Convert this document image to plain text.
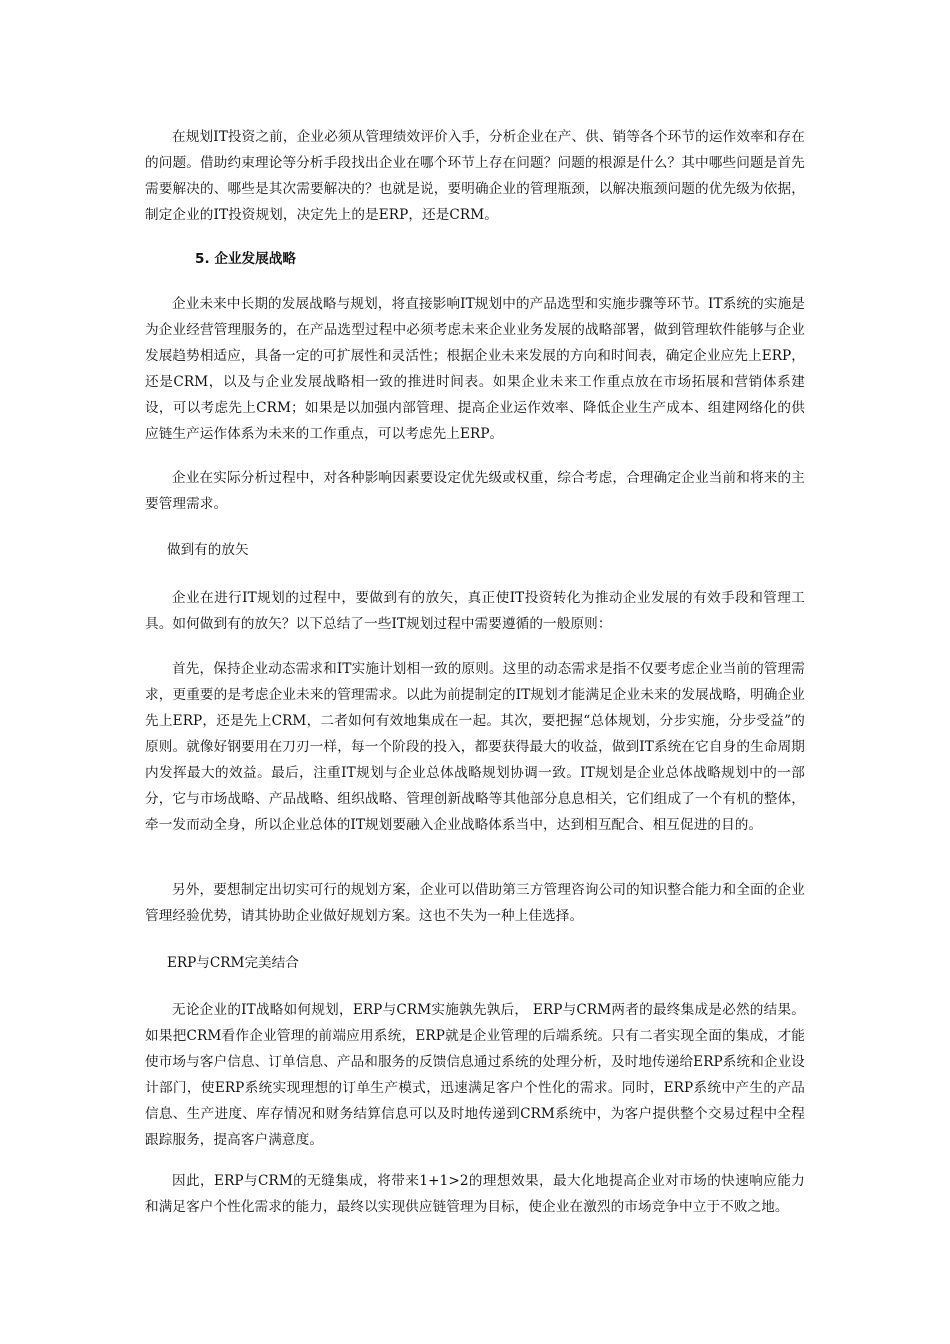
在规划IT投资之前，企业必须从管理绩效评价入手，分析企业在产、供、销等各个环节的运作效率和存在的问题。借助约束理论等分析手段找出企业在哪个环节上存在问题？问题的根源是什么？其中哪些问题是首先需要解决的、哪些是其次需要解决的？也就是说，要明确企业的管理瓶颈，以解决瓶颈问题的优先级为依据，制定企业的IT投资规划，决定先上的是ERP，还是CRM。

5. 企业发展战略

企业未来中长期的发展战略与规划，将直接影响IT规划中的产品选型和实施步骤等环节。IT系统的实施是为企业经营管理服务的，在产品选型过程中必须考虑未来企业业务发展的战略部署，做到管理软件能够与企业发展趋势相适应，具备一定的可扩展性和灵活性；根据企业未来发展的方向和时间表，确定企业应先上ERP，还是CRM，以及与企业发展战略相一致的推进时间表。如果企业未来工作重点放在市场拓展和营销体系建设，可以考虑先上CRM；如果是以加强内部管理、提高企业运作效率、降低企业生产成本、组建网络化的供应链生产运作体系为未来的工作重点，可以考虑先上ERP。

企业在实际分析过程中，对各种影响因素要设定优先级或权重，综合考虑，合理确定企业当前和将来的主要管理需求。

做到有的放矢

企业在进行IT规划的过程中，要做到有的放矢，真正使IT投资转化为推动企业发展的有效手段和管理工具。如何做到有的放矢？以下总结了一些IT规划过程中需要遵循的一般原则：

首先，保持企业动态需求和IT实施计划相一致的原则。这里的动态需求是指不仅要考虑企业当前的管理需求，更重要的是考虑企业未来的管理需求。以此为前提制定的IT规划才能满足企业未来的发展战略，明确企业先上ERP，还是先上CRM，二者如何有效地集成在一起。其次，要把握“总体规划，分步实施，分步受益”的原则。就像好钢要用在刀刃一样，每一个阶段的投入，都要获得最大的收益，做到IT系统在它自身的生命周期内发挥最大的效益。最后，注重IT规划与企业总体战略规划协调一致。IT规划是企业总体战略规划中的一部分，它与市场战略、产品战略、组织战略、管理创新战略等其他部分息息相关，它们组成了一个有机的整体，牵一发而动全身，所以企业总体的IT规划要融入企业战略体系当中，达到相互配合、相互促进的目的。

另外，要想制定出切实可行的规划方案，企业可以借助第三方管理咨询公司的知识整合能力和全面的企业管理经验优势，请其协助企业做好规划方案。这也不失为一种上佳选择。

ERP与CRM完美结合

无论企业的IT战略如何规划，ERP与CRM实施孰先孰后， ERP与CRM两者的最终集成是必然的结果。如果把CRM看作企业管理的前端应用系统，ERP就是企业管理的后端系统。只有二者实现全面的集成，才能使市场与客户信息、订单信息、产品和服务的反馈信息通过系统的处理分析，及时地传递给ERP系统和企业设计部门，使ERP系统实现理想的订单生产模式，迅速满足客户个性化的需求。同时，ERP系统中产生的产品信息、生产进度、库存情况和财务结算信息可以及时地传递到CRM系统中，为客户提供整个交易过程中全程跟踪服务，提高客户满意度。

因此，ERP与CRM的无缝集成，将带来1+1>2的理想效果，最大化地提高企业对市场的快速响应能力和满足客户个性化需求的能力，最终以实现供应链管理为目标，使企业在激烈的市场竞争中立于不败之地。
